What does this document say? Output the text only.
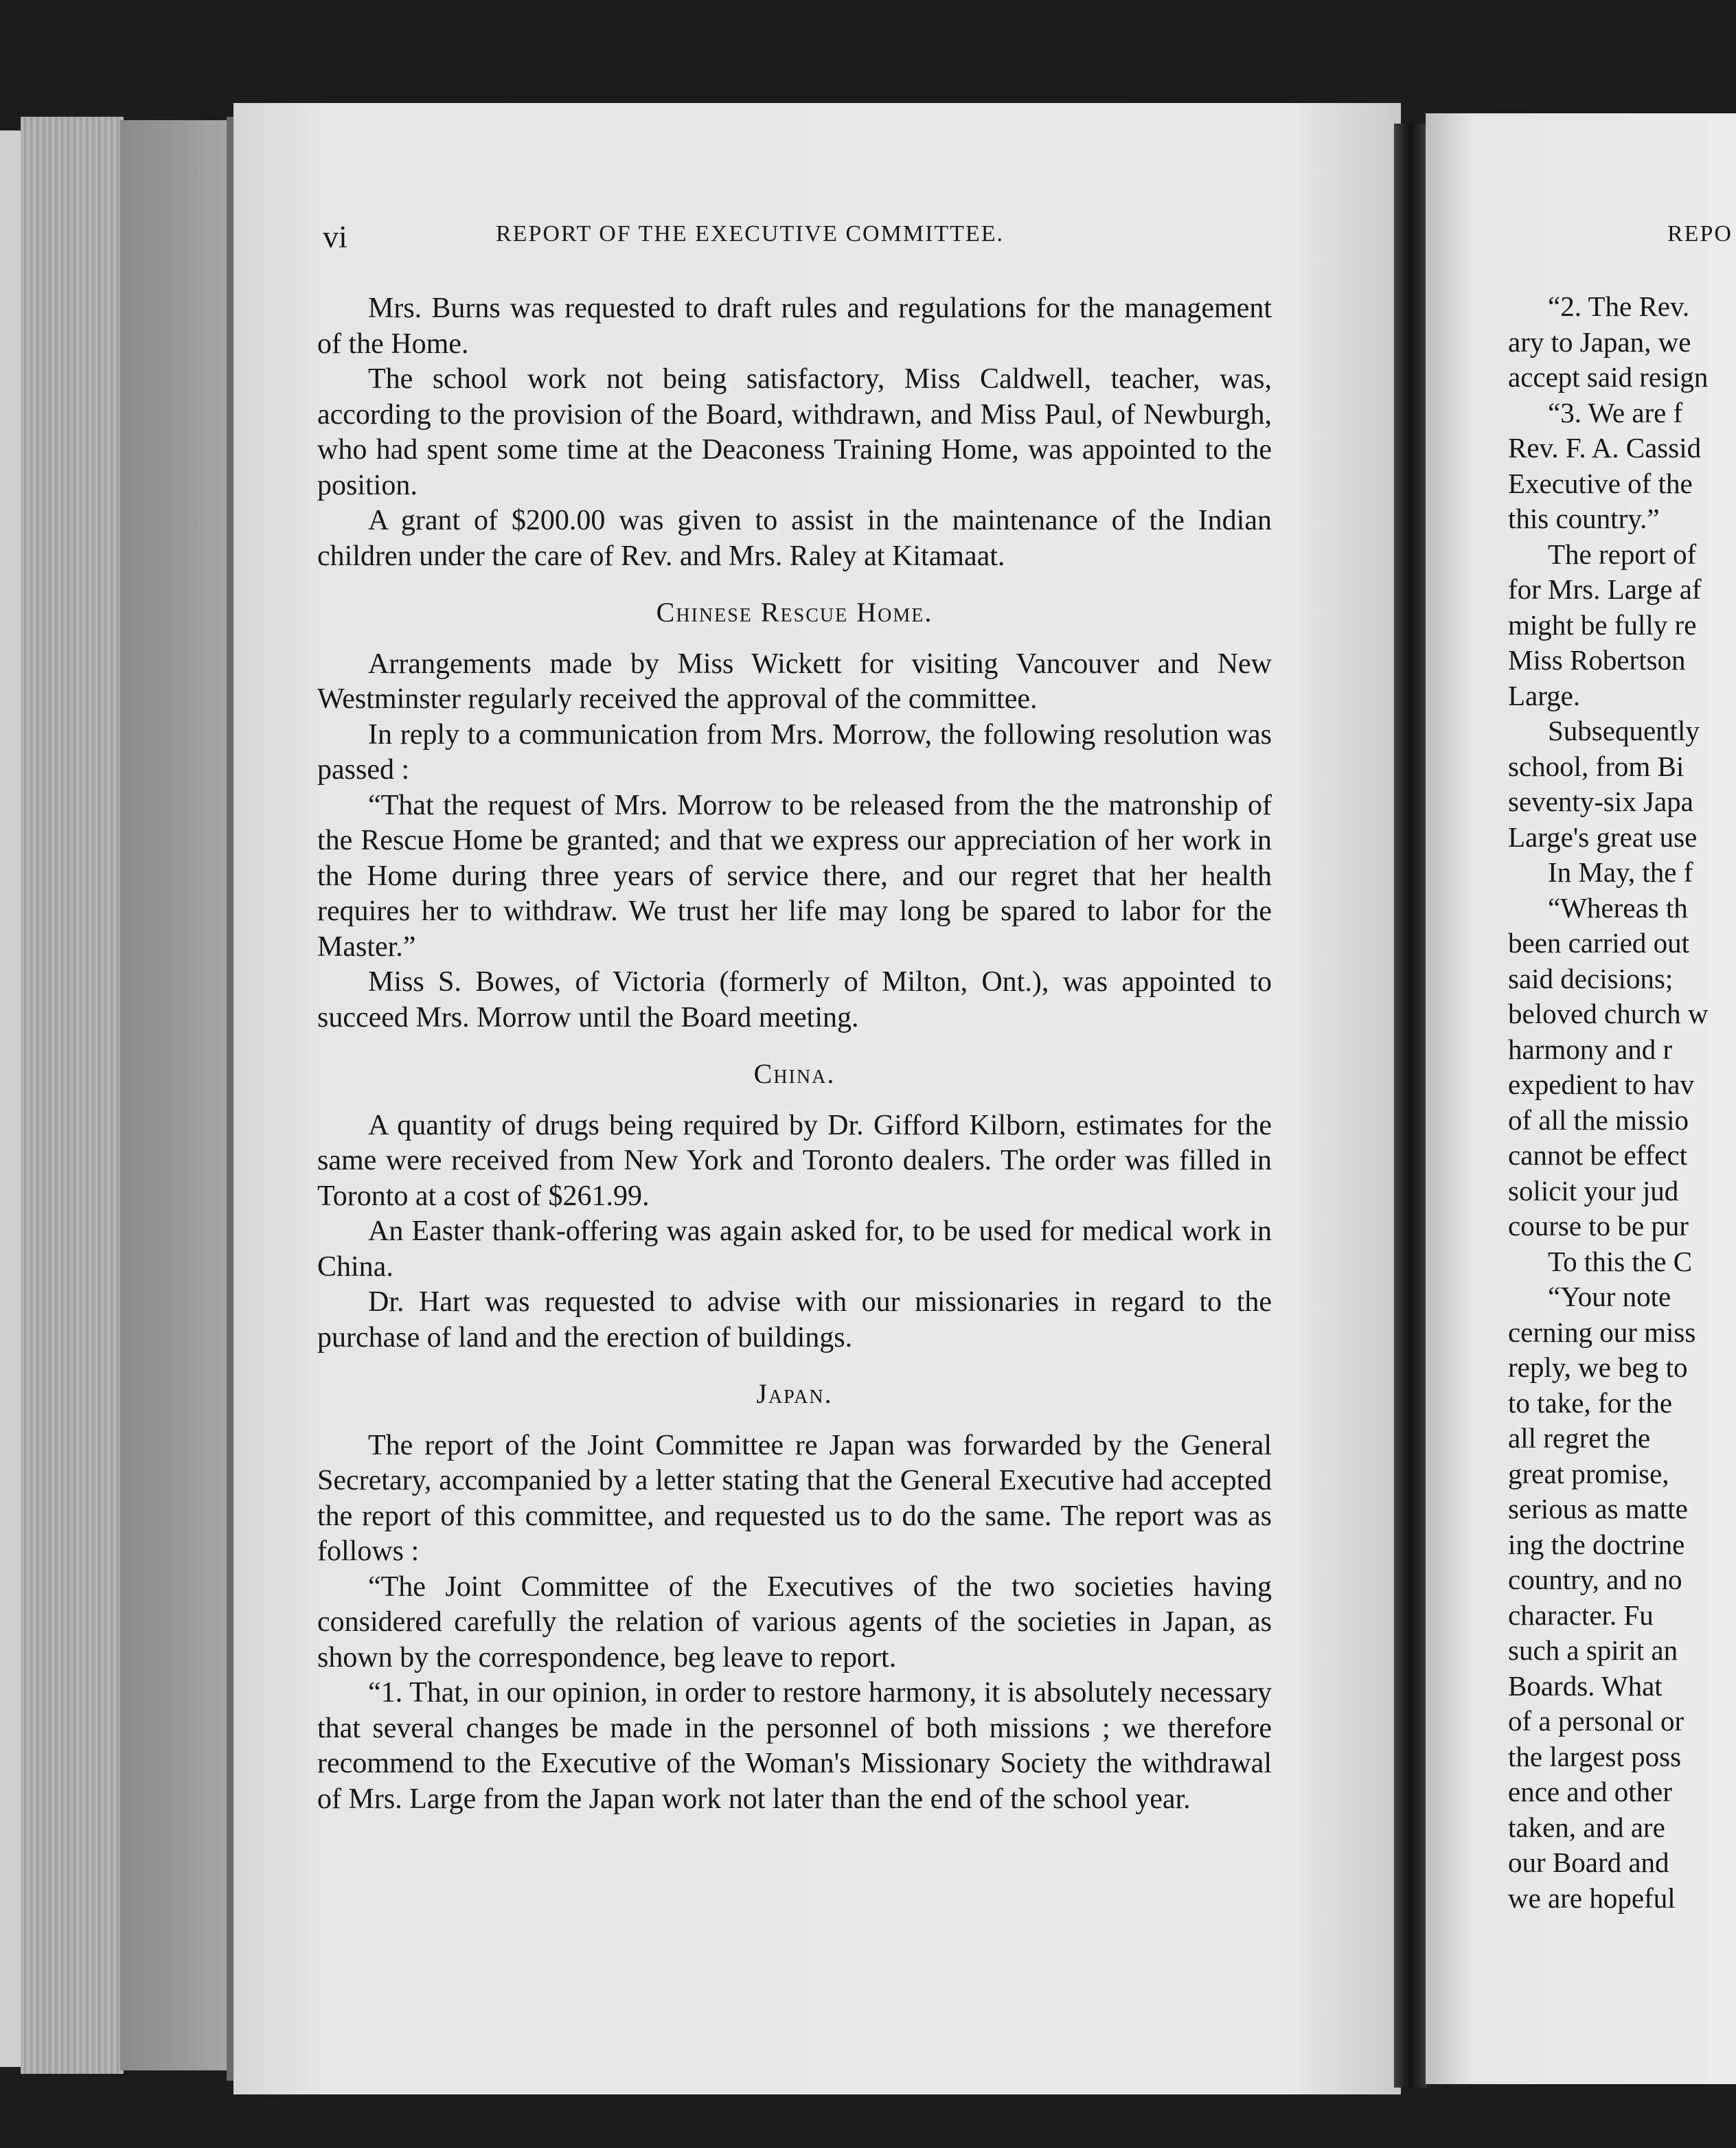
vi	REPORT OF THE EXECUTIVE COMMITTEE.	REPO

Mrs. Burns was requested to draft rules and regulations for the management of the Home.

The school work not being satisfactory, Miss Caldwell, teacher, was, according to the provision of the Board, withdrawn, and Miss Paul, of Newburgh, who had spent some time at the Deaconess Training Home, was appointed to the position.

A grant of $200.00 was given to assist in the maintenance of the Indian children under the care of Rev. and Mrs. Raley at Kitamaat.

Chinese Rescue Home.

Arrangements made by Miss Wickett for visiting Vancouver and New Westminster regularly received the approval of the committee.

In reply to a communication from Mrs. Morrow, the following resolution was passed :

“That the request of Mrs. Morrow to be released from the the matronship of the Rescue Home be granted; and that we express our appreciation of her work in the Home during three years of service there, and our regret that her health requires her to withdraw. We trust her life may long be spared to labor for the Master.”

Miss S. Bowes, of Victoria (formerly of Milton, Ont.), was appointed to succeed Mrs. Morrow until the Board meeting.

China.

A quantity of drugs being required by Dr. Gifford Kilborn, estimates for the same were received from New York and Toronto dealers. The order was filled in Toronto at a cost of $261.99.

An Easter thank-offering was again asked for, to be used for medical work in China.

Dr. Hart was requested to advise with our missionaries in regard to the purchase of land and the erection of buildings.

Japan.

The report of the Joint Committee re Japan was forwarded by the General Secretary, accompanied by a letter stating that the General Executive had accepted the report of this committee, and requested us to do the same. The report was as follows :

“The Joint Committee of the Executives of the two societies having considered carefully the relation of various agents of the societies in Japan, as shown by the correspondence, beg leave to report.

“1. That, in our opinion, in order to restore harmony, it is absolutely necessary that several changes be made in the personnel of both missions ; we therefore recommend to the Executive of the Woman's Missionary Society the withdrawal of Mrs. Large from the Japan work not later than the end of the school year.

“2. The Rev.
ary to Japan, we
accept said resign
“3. We are f
Rev. F. A. Cassid
Executive of the
this country.”
The report of
for Mrs. Large af
might be fully re
Miss Robertson
Large.
Subsequently
school, from Bi
seventy-six Japa
Large's great use
In May, the f
“Whereas th
been carried out
said decisions;
beloved church w
harmony and r
expedient to hav
of all the missio
cannot be effect
solicit your jud
course to be pur
To this the C
“Your note
cerning our miss
reply, we beg to
to take, for the
all regret the
great promise,
serious as matte
ing the doctrine
country, and no
character. Fu
such a spirit an
Boards. What
of a personal or
the largest poss
ence and other
taken, and are
our Board and
we are hopeful
